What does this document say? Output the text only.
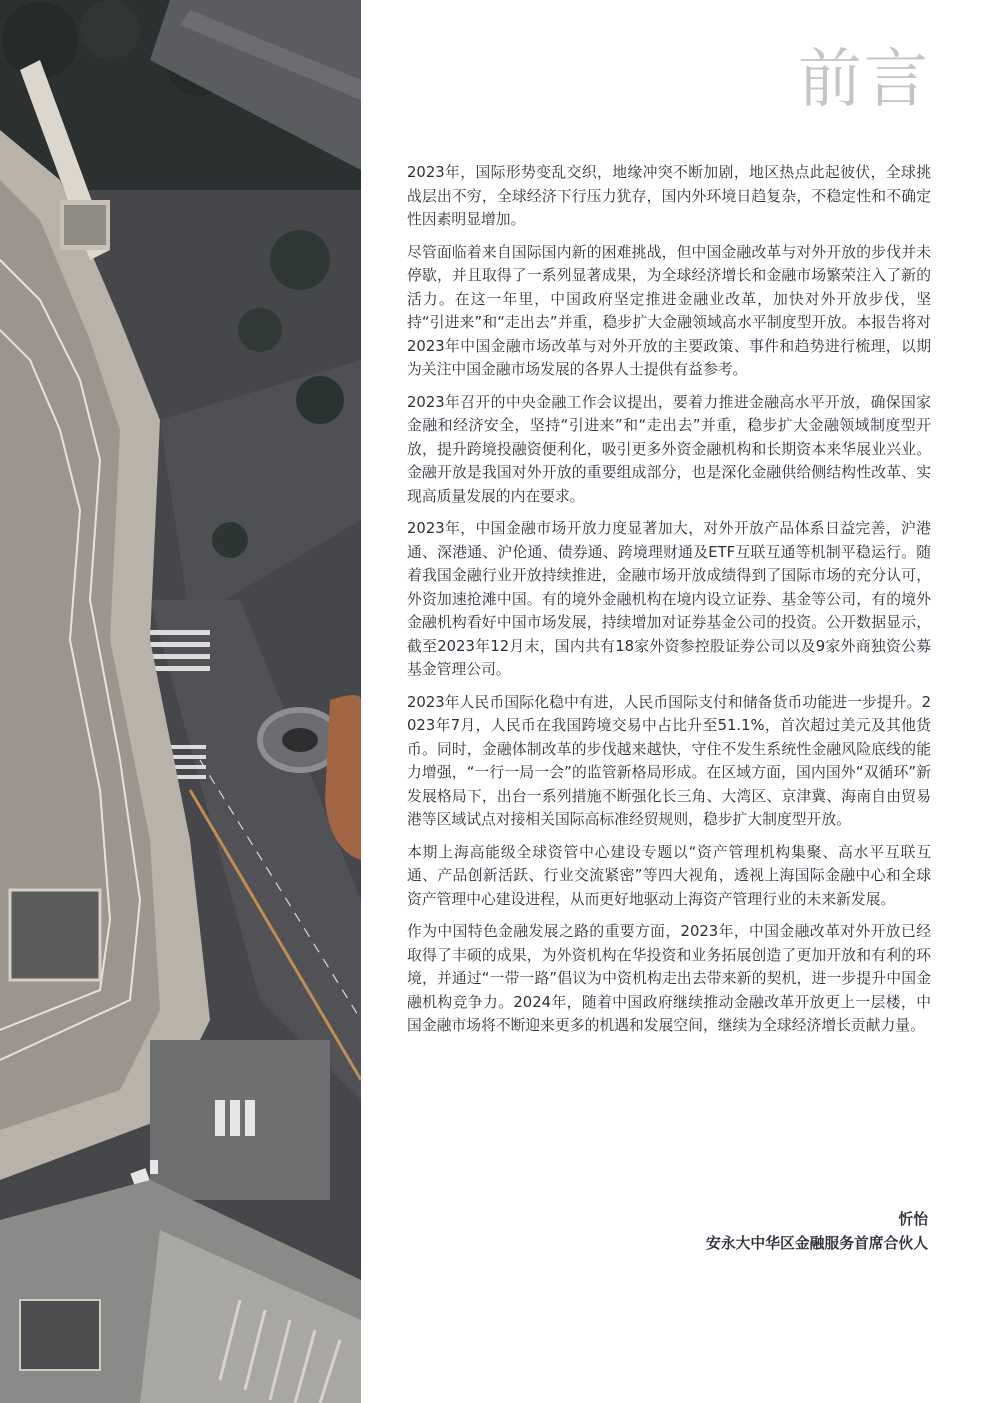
前言

2023年，国际形势变乱交织，地缘冲突不断加剧，地区热点此起彼伏，全球挑战层出不穷，全球经济下行压力犹存，国内外环境日趋复杂，不稳定性和不确定性因素明显增加。

尽管面临着来自国际国内新的困难挑战，但中国金融改革与对外开放的步伐并未停歇，并且取得了一系列显著成果，为全球经济增长和金融市场繁荣注入了新的活力。在这一年里，中国政府坚定推进金融业改革，加快对外开放步伐，坚持“引进来”和“走出去”并重，稳步扩大金融领域高水平制度型开放。本报告将对2023年中国金融市场改革与对外开放的主要政策、事件和趋势进行梳理，以期为关注中国金融市场发展的各界人士提供有益参考。

2023年召开的中央金融工作会议提出，要着力推进金融高水平开放，确保国家金融和经济安全，坚持“引进来”和“走出去”并重，稳步扩大金融领域制度型开放，提升跨境投融资便利化，吸引更多外资金融机构和长期资本来华展业兴业。金融开放是我国对外开放的重要组成部分，也是深化金融供给侧结构性改革、实现高质量发展的内在要求。

2023年，中国金融市场开放力度显著加大，对外开放产品体系日益完善，沪港通、深港通、沪伦通、债券通、跨境理财通及ETF互联互通等机制平稳运行。随着我国金融行业开放持续推进，金融市场开放成绩得到了国际市场的充分认可，外资加速抢滩中国。有的境外金融机构在境内设立证券、基金等公司，有的境外金融机构看好中国市场发展，持续增加对证券基金公司的投资。公开数据显示，截至2023年12月末，国内共有18家外资参控股证券公司以及9家外商独资公募基金管理公司。

2023年人民币国际化稳中有进，人民币国际支付和储备货币功能进一步提升。2023年7月，人民币在我国跨境交易中占比升至51.1%，首次超过美元及其他货币。同时，金融体制改革的步伐越来越快，守住不发生系统性金融风险底线的能力增强，“一行一局一会”的监管新格局形成。在区域方面，国内国外“双循环”新发展格局下，出台一系列措施不断强化长三角、大湾区、京津冀、海南自由贸易港等区域试点对接相关国际高标准经贸规则，稳步扩大制度型开放。

本期上海高能级全球资管中心建设专题以“资产管理机构集聚、高水平互联互通、产品创新活跃、行业交流紧密”等四大视角，透视上海国际金融中心和全球资产管理中心建设进程，从而更好地驱动上海资产管理行业的未来新发展。

作为中国特色金融发展之路的重要方面，2023年，中国金融改革对外开放已经取得了丰硕的成果，为外资机构在华投资和业务拓展创造了更加开放和有利的环境，并通过“一带一路”倡议为中资机构走出去带来新的契机，进一步提升中国金融机构竞争力。2024年，随着中国政府继续推动金融改革开放更上一层楼，中国金融市场将不断迎来更多的机遇和发展空间，继续为全球经济增长贡献力量。

忻怡
安永大中华区金融服务首席合伙人
